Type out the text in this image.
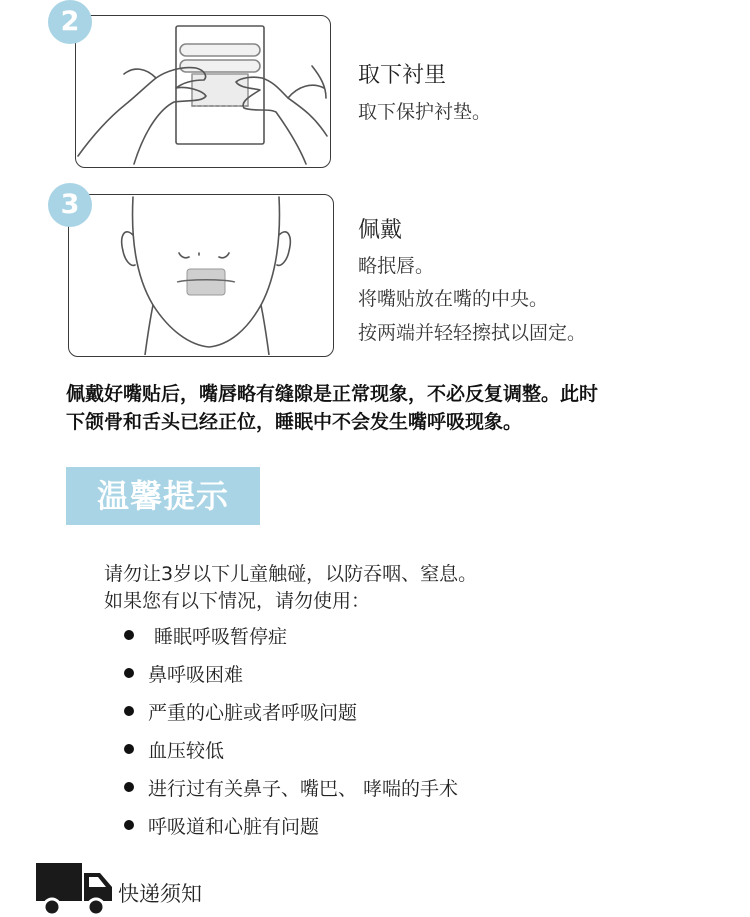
2
取下衬里
取下保护衬垫。
3
佩戴
略抿唇。
将嘴贴放在嘴的中央。
按两端并轻轻擦拭以固定。
佩戴好嘴贴后，嘴唇略有缝隙是正常现象，不必反复调整。此时
下颌骨和舌头已经正位，睡眠中不会发生嘴呼吸现象。
温馨提示
请勿让3岁以下儿童触碰，以防吞咽、窒息。
如果您有以下情况，请勿使用：
睡眠呼吸暂停症
鼻呼吸困难
严重的心脏或者呼吸问题
血压较低
进行过有关鼻子、嘴巴、 哮喘的手术
呼吸道和心脏有问题
快递须知
